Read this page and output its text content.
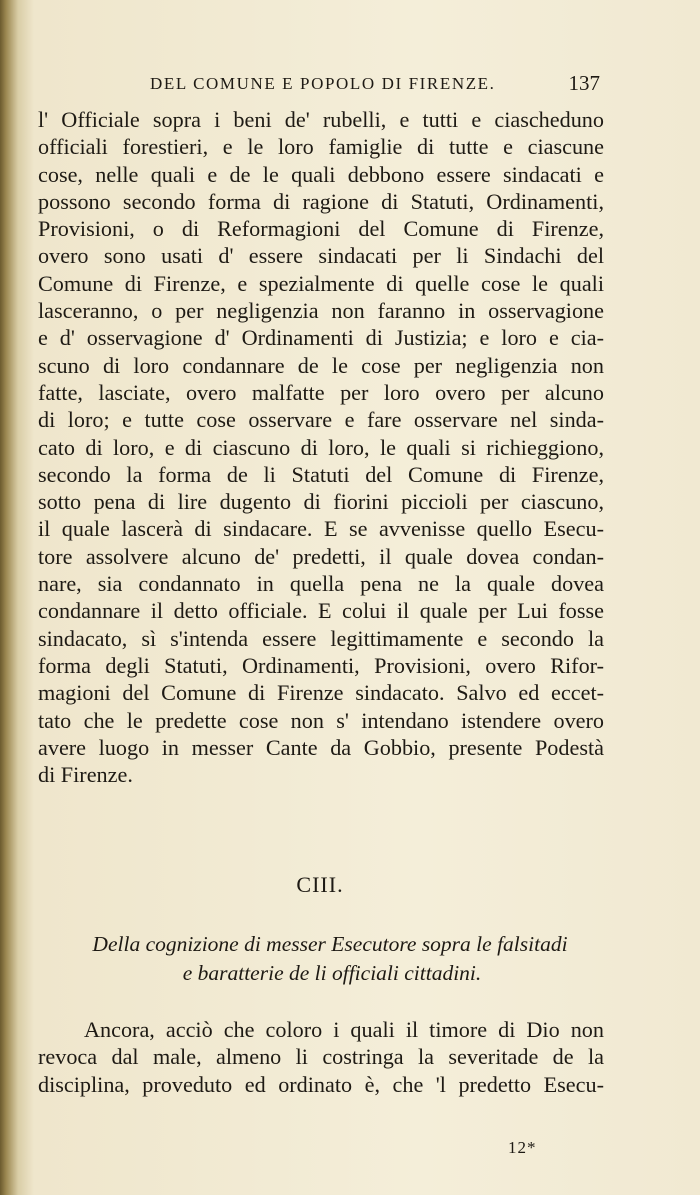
DEL COMUNE E POPOLO DI FIRENZE.	137
l' Officiale sopra i beni de' rubelli, e tutti e ciascheduno
officiali forestieri, e le loro famiglie di tutte e ciascune
cose, nelle quali e de le quali debbono essere sindacati e
possono secondo forma di ragione di Statuti, Ordinamenti,
Provisioni, o di Reformagioni del Comune di Firenze,
overo sono usati d' essere sindacati per li Sindachi del
Comune di Firenze, e spezialmente di quelle cose le quali
lasceranno, o per negligenzia non faranno in osservagione
e d' osservagione d' Ordinamenti di Justizia; e loro e cia-
scuno di loro condannare de le cose per negligenzia non
fatte, lasciate, overo malfatte per loro overo per alcuno
di loro; e tutte cose osservare e fare osservare nel sinda-
cato di loro, e di ciascuno di loro, le quali si richieggiono,
secondo la forma de li Statuti del Comune di Firenze,
sotto pena di lire dugento di fiorini piccioli per ciascuno,
il quale lascerà di sindacare. E se avvenisse quello Esecu-
tore assolvere alcuno de' predetti, il quale dovea condan-
nare, sia condannato in quella pena ne la quale dovea
condannare il detto officiale. E colui il quale per Lui fosse
sindacato, sì s'intenda essere legittimamente e secondo la
forma degli Statuti, Ordinamenti, Provisioni, overo Rifor-
magioni del Comune di Firenze sindacato. Salvo ed eccet-
tato che le predette cose non s' intendano istendere overo
avere luogo in messer Cante da Gobbio, presente Podestà
di Firenze.
CIII.
Della cognizione di messer Esecutore sopra le falsitadi
e baratterie de li officiali cittadini.
Ancora, acciò che coloro i quali il timore di Dio non
revoca dal male, almeno li costringa la severitade de la
disciplina, proveduto ed ordinato è, che 'l predetto Esecu-
12*
